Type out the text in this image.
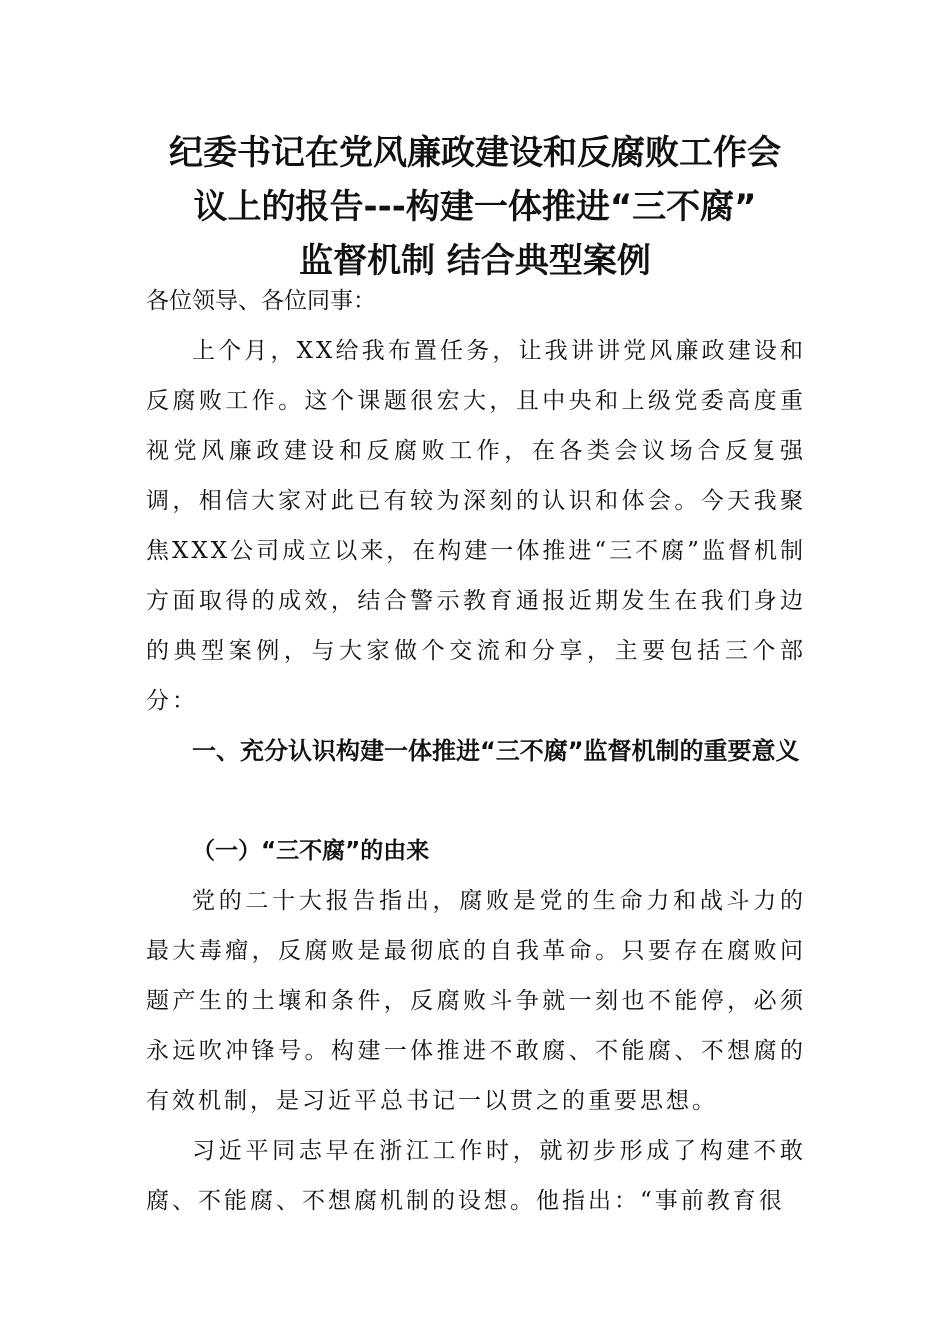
纪委书记在党风廉政建设和反腐败工作会
议上的报告---构建一体推进“三不腐”
监督机制 结合典型案例

各位领导、各位同事：

上个月，XX给我布置任务，让我讲讲党风廉政建设和反腐败工作。这个课题很宏大，且中央和上级党委高度重视党风廉政建设和反腐败工作，在各类会议场合反复强调，相信大家对此已有较为深刻的认识和体会。今天我聚焦XXX公司成立以来，在构建一体推进“三不腐”监督机制方面取得的成效，结合警示教育通报近期发生在我们身边的典型案例，与大家做个交流和分享，主要包括三个部分：

一、充分认识构建一体推进“三不腐”监督机制的重要意义
（一）“三不腐”的由来

党的二十大报告指出，腐败是党的生命力和战斗力的最大毒瘤，反腐败是最彻底的自我革命。只要存在腐败问题产生的土壤和条件，反腐败斗争就一刻也不能停，必须永远吹冲锋号。构建一体推进不敢腐、不能腐、不想腐的有效机制，是习近平总书记一以贯之的重要思想。

习近平同志早在浙江工作时，就初步形成了构建不敢腐、不能腐、不想腐机制的设想。他指出：“事前教育很
